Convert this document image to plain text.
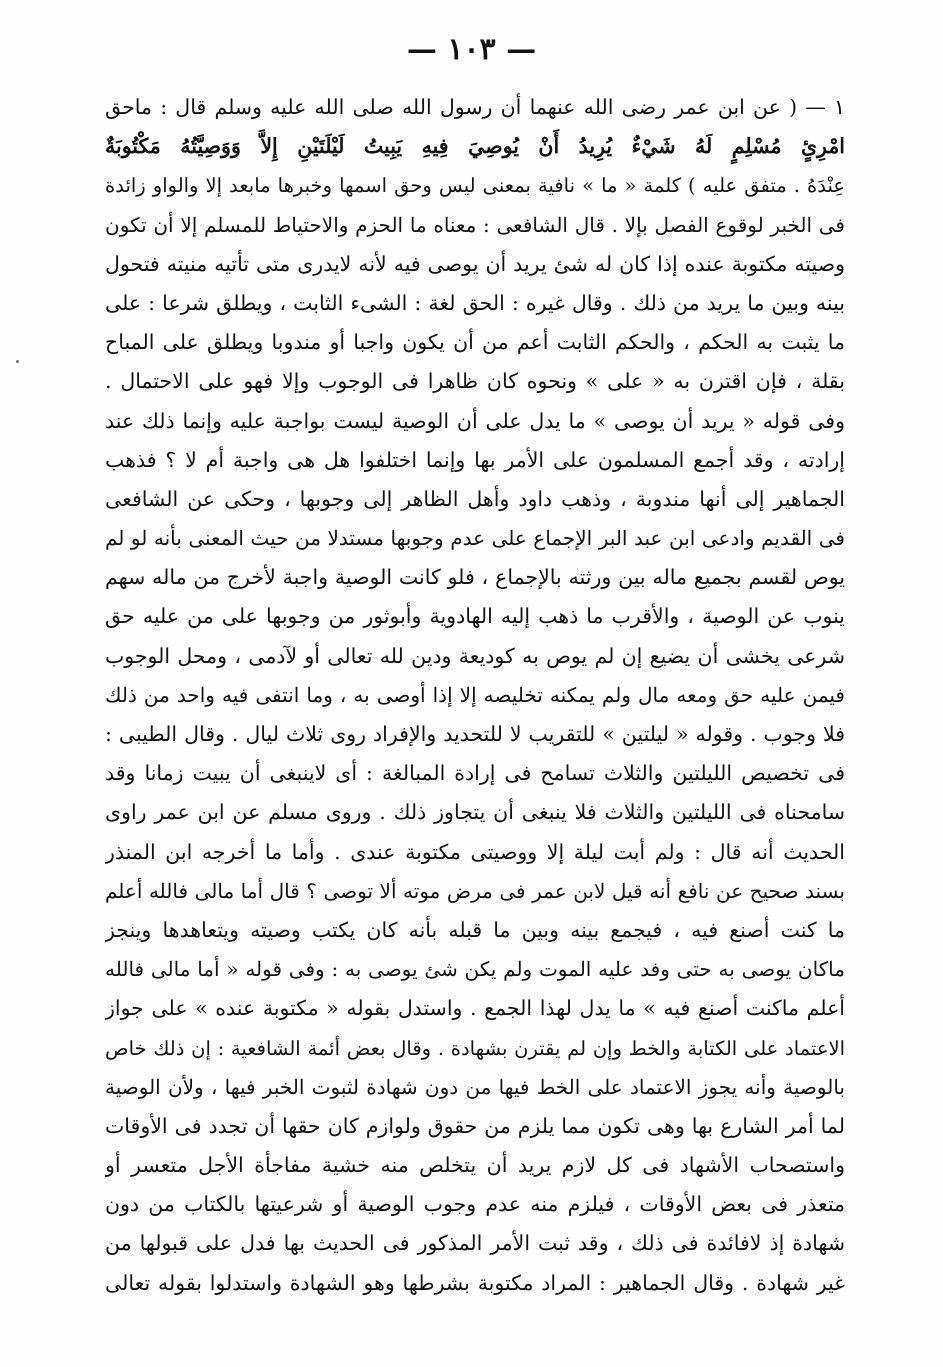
— ١٠٣ —
١ — ( عن ابن عمر رضى الله عنهما أن رسول الله صلى الله عليه وسلم قال : ماحق
امْرِئٍ مُسْلِمٍ لَهُ شَيْءٌ يُرِيدُ أَنْ يُوصِيَ فِيهِ يَبِيتُ لَيْلَتَيْنِ إِلاَّ وَوَصِيَّتُهُ مَكْتُوبَةٌ
عِنْدَهُ . متفق عليه ) كلمة « ما » نافية بمعنى ليس وحق اسمها وخبرها مابعد إلا والواو زائدة
فى الخبر لوقوع الفصل بإلا . قال الشافعى : معناه ما الحزم والاحتياط للمسلم إلا أن تكون
وصيته مكتوبة عنده إذا كان له شئ يريد أن يوصى فيه لأنه لايدرى متى تأتيه منيته فتحول
بينه وبين ما يريد من ذلك . وقال غيره : الحق لغة : الشىء الثابت ، ويطلق شرعا : على
ما يثبت به الحكم ، والحكم الثابت أعم من أن يكون واجبا أو مندوبا ويطلق على المباح
بقلة ، فإن اقترن به « على » ونحوه كان ظاهرا فى الوجوب وإلا فهو على الاحتمال .
وفى قوله « يريد أن يوصى » ما يدل على أن الوصية ليست بواجبة عليه وإنما ذلك عند
إرادته ، وقد أجمع المسلمون على الأمر بها وإنما اختلفوا هل هى واجبة أم لا ؟ فذهب
الجماهير إلى أنها مندوبة ، وذهب داود وأهل الظاهر إلى وجوبها ، وحكى عن الشافعى
فى القديم وادعى ابن عبد البر الإجماع على عدم وجوبها مستدلا من حيث المعنى بأنه لو لم
يوص لقسم بجميع ماله بين ورثته بالإجماع ، فلو كانت الوصية واجبة لأخرج من ماله سهم
ينوب عن الوصية ، والأقرب ما ذهب إليه الهادوية وأبوثور من وجوبها على من عليه حق
شرعى يخشى أن يضيع إن لم يوص به كوديعة ودين لله تعالى أو لآدمى ، ومحل الوجوب
فيمن عليه حق ومعه مال ولم يمكنه تخليصه إلا إذا أوصى به ، وما انتفى فيه واحد من ذلك
فلا وجوب . وقوله « ليلتين » للتقريب لا للتحديد والإفراد روى ثلاث ليال . وقال الطيبى :
فى تخصيص الليلتين والثلاث تسامح فى إرادة المبالغة : أى لاينبغى أن يبيت زمانا وقد
سامحناه فى الليلتين والثلاث فلا ينبغى أن يتجاوز ذلك . وروى مسلم عن ابن عمر راوى
الحديث أنه قال : ولم أبت ليلة إلا ووصيتى مكتوبة عندى . وأما ما أخرجه ابن المنذر
بسند صحيح عن نافع أنه قيل لابن عمر فى مرض موته ألا توصى ؟ قال أما مالى فالله أعلم
ما كنت أصنع فيه ، فيجمع بينه وبين ما قبله بأنه كان يكتب وصيته ويتعاهدها وينجز
ماكان يوصى به حتى وفد عليه الموت ولم يكن شئ يوصى به : وفى قوله « أما مالى فالله
أعلم ماكنت أصنع فيه » ما يدل لهذا الجمع . واستدل بقوله « مكتوبة عنده » على جواز
الاعتماد على الكتابة والخط وإن لم يقترن بشهادة . وقال بعض أئمة الشافعية : إن ذلك خاص
بالوصية وأنه يجوز الاعتماد على الخط فيها من دون شهادة لثبوت الخبر فيها ، ولأن الوصية
لما أمر الشارع بها وهى تكون مما يلزم من حقوق ولوازم كان حقها أن تجدد فى الأوقات
واستصحاب الأشهاد فى كل لازم يريد أن يتخلص منه خشية مفاجأة الأجل متعسر أو
متعذر فى بعض الأوقات ، فيلزم منه عدم وجوب الوصية أو شرعيتها بالكتاب من دون
شهادة إذ لافائدة فى ذلك ، وقد ثبت الأمر المذكور فى الحديث بها فدل على قبولها من
غير شهادة . وقال الجماهير : المراد مكتوبة بشرطها وهو الشهادة واستدلوا بقوله تعالى
